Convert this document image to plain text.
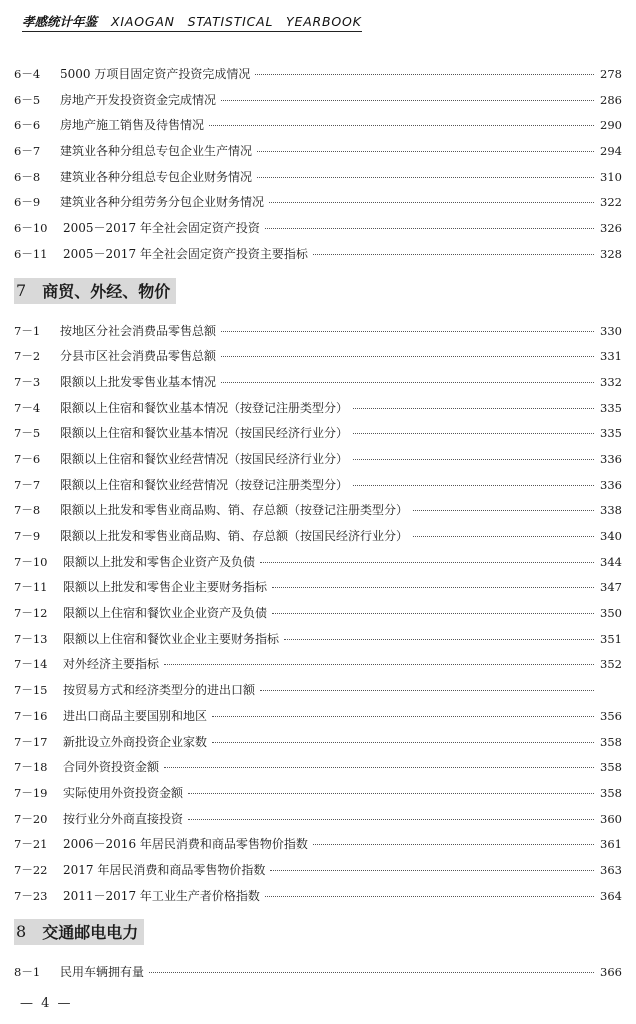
孝感统计年鉴 XIAOGAN STATISTICAL YEARBOOK
6－4	5000 万项目固定资产投资完成情况	278
6－5	房地产开发投资资金完成情况	286
6－6	房地产施工销售及待售情况	290
6－7	建筑业各种分组总专包企业生产情况	294
6－8	建筑业各种分组总专包企业财务情况	310
6－9	建筑业各种分组劳务分包企业财务情况	322
6－10	2005－2017 年全社会固定资产投资	326
6－11	2005－2017 年全社会固定资产投资主要指标	328
7 商贸、外经、物价
7－1	按地区分社会消费品零售总额	330
7－2	分县市区社会消费品零售总额	331
7－3	限额以上批发零售业基本情况	332
7－4	限额以上住宿和餐饮业基本情况（按登记注册类型分）	335
7－5	限额以上住宿和餐饮业基本情况（按国民经济行业分）	335
7－6	限额以上住宿和餐饮业经营情况（按国民经济行业分）	336
7－7	限额以上住宿和餐饮业经营情况（按登记注册类型分）	336
7－8	限额以上批发和零售业商品购、销、存总额（按登记注册类型分）	338
7－9	限额以上批发和零售业商品购、销、存总额（按国民经济行业分）	340
7－10	限额以上批发和零售企业资产及负债	344
7－11	限额以上批发和零售企业主要财务指标	347
7－12	限额以上住宿和餐饮业企业资产及负债	350
7－13	限额以上住宿和餐饮业企业主要财务指标	351
7－14	对外经济主要指标	352
7－15	按贸易方式和经济类型分的进出口额
7－16	进出口商品主要国别和地区	356
7－17	新批设立外商投资企业家数	358
7－18	合同外资投资金额	358
7－19	实际使用外资投资金额	358
7－20	按行业分外商直接投资	360
7－21	2006－2016 年居民消费和商品零售物价指数	361
7－22	2017 年居民消费和商品零售物价指数	363
7－23	2011－2017 年工业生产者价格指数	364
8 交通邮电电力
8－1	民用车辆拥有量	366
— 4 —
